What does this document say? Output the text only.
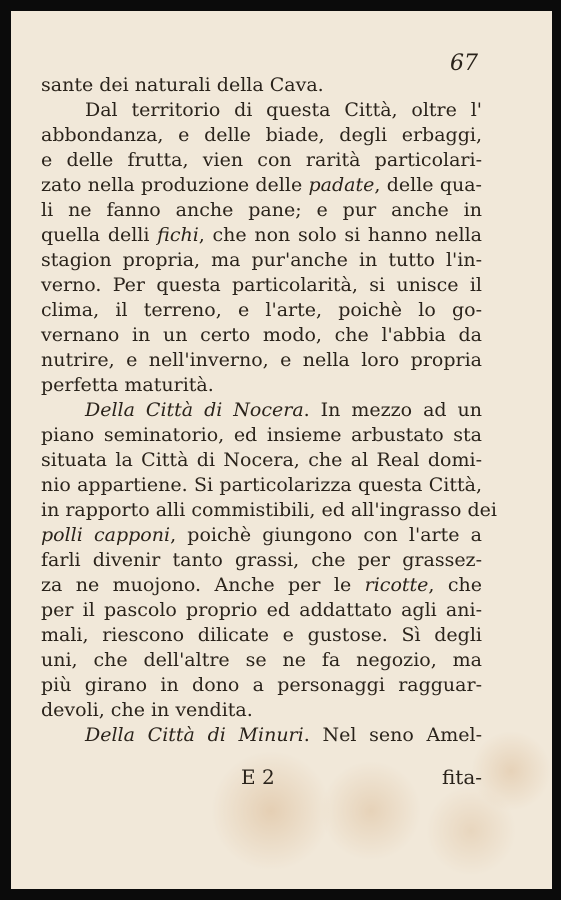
67
sante dei naturali della Cava.
Dal territorio di questa Città, oltre l'
abbondanza, e delle biade, degli erbaggi,
e delle frutta, vien con rarità particolari-
zato nella produzione delle padate, delle qua-
li ne fanno anche pane; e pur anche in
quella delli fichi, che non solo si hanno nella
stagion propria, ma pur'anche in tutto l'in-
verno. Per questa particolarità, si unisce il
clima, il terreno, e l'arte, poichè lo go-
vernano in un certo modo, che l'abbia da
nutrire, e nell'inverno, e nella loro propria
perfetta maturità.
Della Città di Nocera. In mezzo ad un
piano seminatorio, ed insieme arbustato sta
situata la Città di Nocera, che al Real domi-
nio appartiene. Si particolarizza questa Città,
in rapporto alli commistibili, ed all'ingrasso dei
polli capponi, poichè giungono con l'arte a
farli divenir tanto grassi, che per grassez-
za ne muojono. Anche per le ricotte, che
per il pascolo proprio ed addattato agli ani-
mali, riescono dilicate e gustose. Sì degli
uni, che dell'altre se ne fa negozio, ma
più girano in dono a personaggi ragguar-
devoli, che in vendita.
Della Città di Minuri. Nel seno Amel-
E 2	fita-
